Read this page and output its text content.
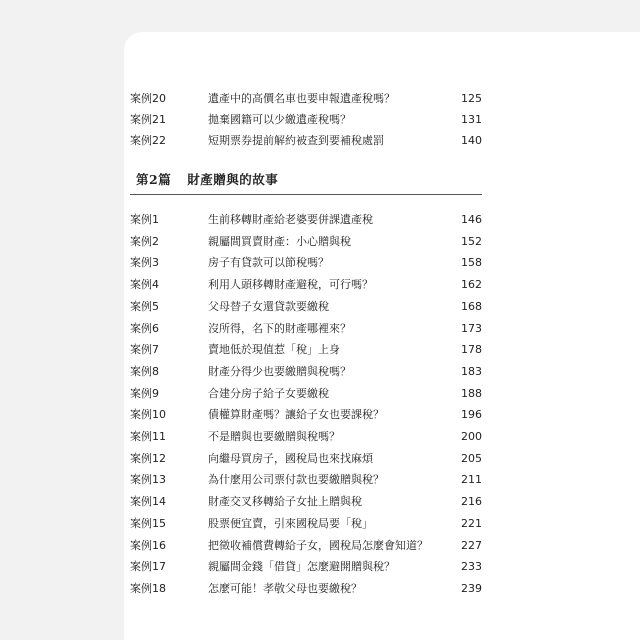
案例20	遺產中的高價名車也要申報遺產稅嗎？	125
案例21	拋棄國籍可以少繳遺產稅嗎？	131
案例22	短期票券提前解約被查到要補稅處罰	140
第2篇 財產贈與的故事
案例1	生前移轉財產給老婆要併課遺產稅	146
案例2	親屬間買賣財產：小心贈與稅	152
案例3	房子有貸款可以節稅嗎？	158
案例4	利用人頭移轉財產避稅，可行嗎？	162
案例5	父母替子女還貸款要繳稅	168
案例6	沒所得，名下的財產哪裡來？	173
案例7	賣地低於現值惹「稅」上身	178
案例8	財產分得少也要繳贈與稅嗎？	183
案例9	合建分房子給子女要繳稅	188
案例10	債權算財產嗎？讓給子女也要課稅？	196
案例11	不是贈與也要繳贈與稅嗎？	200
案例12	向繼母買房子，國稅局也來找麻煩	205
案例13	為什麼用公司票付款也要繳贈與稅？	211
案例14	財產交叉移轉給子女扯上贈與稅	216
案例15	股票便宜賣，引來國稅局要「稅」	221
案例16	把徵收補償費轉給子女，國稅局怎麼會知道？	227
案例17	親屬間金錢「借貸」怎麼避開贈與稅？	233
案例18	怎麼可能！孝敬父母也要繳稅？	239
